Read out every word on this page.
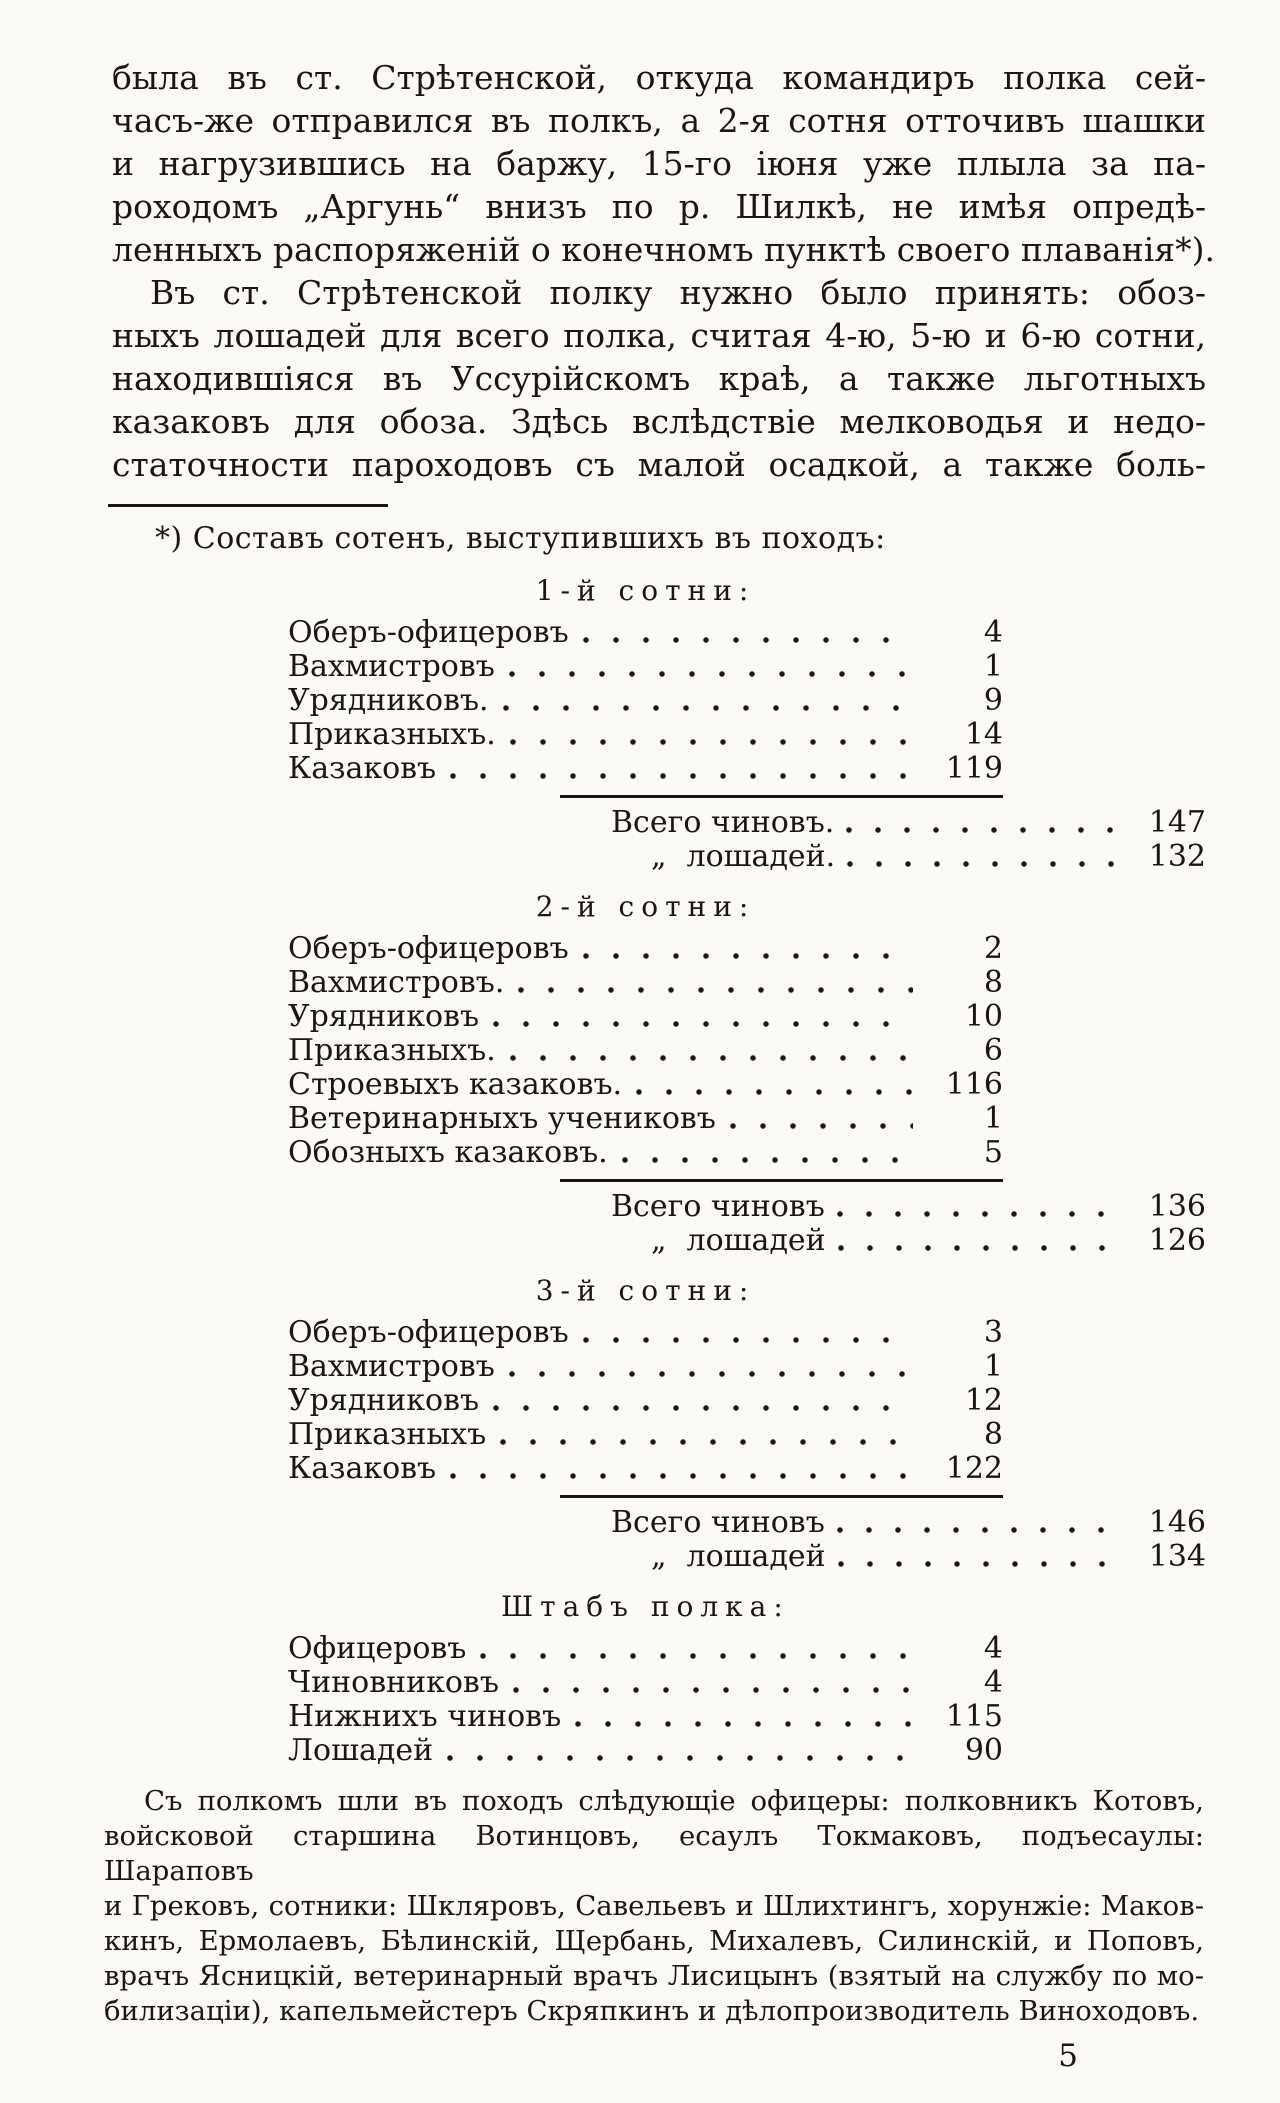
была въ ст. Стрѣтенской, откуда командиръ полка сей-
часъ-же отправился въ полкъ, а 2-я сотня отточивъ шашки
и нагрузившись на баржу, 15-го іюня уже плыла за па-
роходомъ „Аргунь“ внизъ по р. Шилкѣ, не имѣя опредѣ-
ленныхъ распоряженій о конечномъ пунктѣ своего плаванія*).
Въ ст. Стрѣтенской полку нужно было принять: обоз-
ныхъ лошадей для всего полка, считая 4-ю, 5-ю и 6-ю сотни,
находившіяся въ Уссурійскомъ краѣ, а также льготныхъ
казаковъ для обоза. Здѣсь вслѣдствіе мелководья и недо-
статочности пароходовъ съ малой осадкой, а также боль-
*) Составъ сотенъ, выступившихъ въ походъ:
1-й сотни:
Оберъ-офицеровъ	4
Вахмистровъ	1
Урядниковъ.	9
Приказныхъ.	14
Казаковъ	119
Всего чиновъ.	147
„ лошадей.	132
2-й сотни:
Оберъ-офицеровъ	2
Вахмистровъ.	8
Урядниковъ	10
Приказныхъ.	6
Строевыхъ казаковъ.	116
Ветеринарныхъ учениковъ	1
Обозныхъ казаковъ.	5
Всего чиновъ	136
„ лошадей	126
3-й сотни:
Оберъ-офицеровъ	3
Вахмистровъ	1
Урядниковъ	12
Приказныхъ	8
Казаковъ	122
Всего чиновъ	146
„ лошадей	134
Штабъ полка:
Офицеровъ	4
Чиновниковъ	4
Нижнихъ чиновъ	115
Лошадей	90
Съ полкомъ шли въ походъ слѣдующіе офицеры: полковникъ Котовъ,
войсковой старшина Вотинцовъ, есаулъ Токмаковъ, подъесаулы: Шараповъ
и Грековъ, сотники: Шкляровъ, Савельевъ и Шлихтингъ, хорунжіе: Маков-
кинъ, Ермолаевъ, Бѣлинскій, Щербань, Михалевъ, Силинскій, и Поповъ,
врачъ Ясницкій, ветеринарный врачъ Лисицынъ (взятый на службу по мо-
билизаціи), капельмейстеръ Скряпкинъ и дѣлопроизводитель Виноходовъ.
5
